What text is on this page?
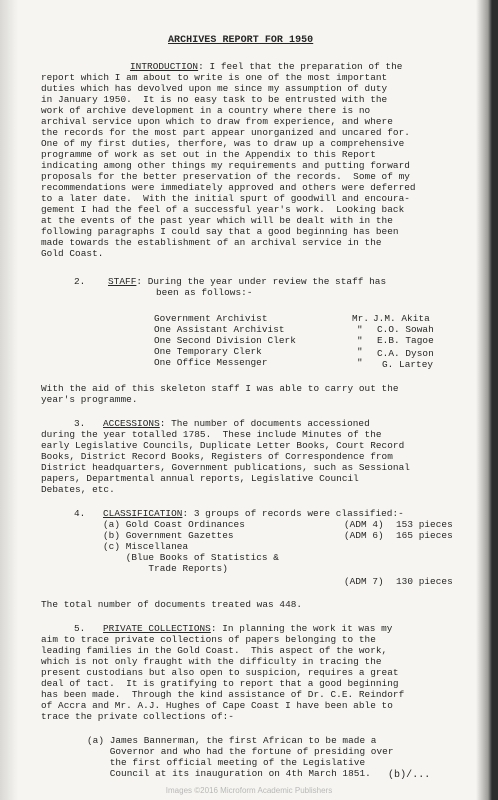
ARCHIVES REPORT FOR 1950
INTRODUCTION: I feel that the preparation of the
report which I am about to write is one of the most important
duties which has devolved upon me since my assumption of duty
in January 1950.  It is no easy task to be entrusted with the
work of archive development in a country where there is no
archival service upon which to draw from experience, and where
the records for the most part appear unorganized and uncared for.
One of my first duties, therfore, was to draw up a comprehensive
programme of work as set out in the Appendix to this Report
indicating among other things my requirements and putting forward
proposals for the better preservation of the records.  Some of my
recommendations were immediately approved and others were deferred
to a later date.  With the initial spurt of goodwill and encoura-
gement I had the feel of a successful year's work.  Looking back
at the events of the past year which will be dealt with in the
following paragraphs I could say that a good beginning has been
made towards the establishment of an archival service in the
Gold Coast.
2. STAFF: During the year under review the staff has
been as follows:-
Government Archivist	Mr. J.M. Akita
One Assistant Archivist	" C.O. Sowah
One Second Division Clerk	" E.B. Tagoe
One Temporary Clerk	" C.A. Dyson
One Office Messenger	" G. Lartey
With the aid of this skeleton staff I was able to carry out the
year's programme.
3. ACCESSIONS: The number of documents accessioned
during the year totalled 1785.  These include Minutes of the
early Legislative Councils, Duplicate Letter Books, Court Record
Books, District Record Books, Registers of Correspondence from
District headquarters, Government publications, such as Sessional
papers, Departmental annual reports, Legislative Council
Debates, etc.
4. CLASSIFICATION: 3 groups of records were classified:-
(a) Gold Coast Ordinances	(ADM 4) 153 pieces
(b) Government Gazettes	(ADM 6) 165 pieces
(c) Miscellanea
(Blue Books of Statistics &
Trade Reports)
(ADM 7) 130 pieces
The total number of documents treated was 448.
5. PRIVATE COLLECTIONS: In planning the work it was my
aim to trace private collections of papers belonging to the
leading families in the Gold Coast.  This aspect of the work,
which is not only fraught with the difficulty in tracing the
present custodians but also open to suspicion, requires a great
deal of tact.  It is gratifying to report that a good beginning
has been made.  Through the kind assistance of Dr. C.E. Reindorf
of Accra and Mr. A.J. Hughes of Cape Coast I have been able to
trace the private collections of:-
(a) James Bannerman, the first African to be made a
Governor and who had the fortune of presiding over
the first official meeting of the Legislative
Council at its inauguration on 4th March 1851. (b)/...
Images ©2016 Microform Academic Publishers
